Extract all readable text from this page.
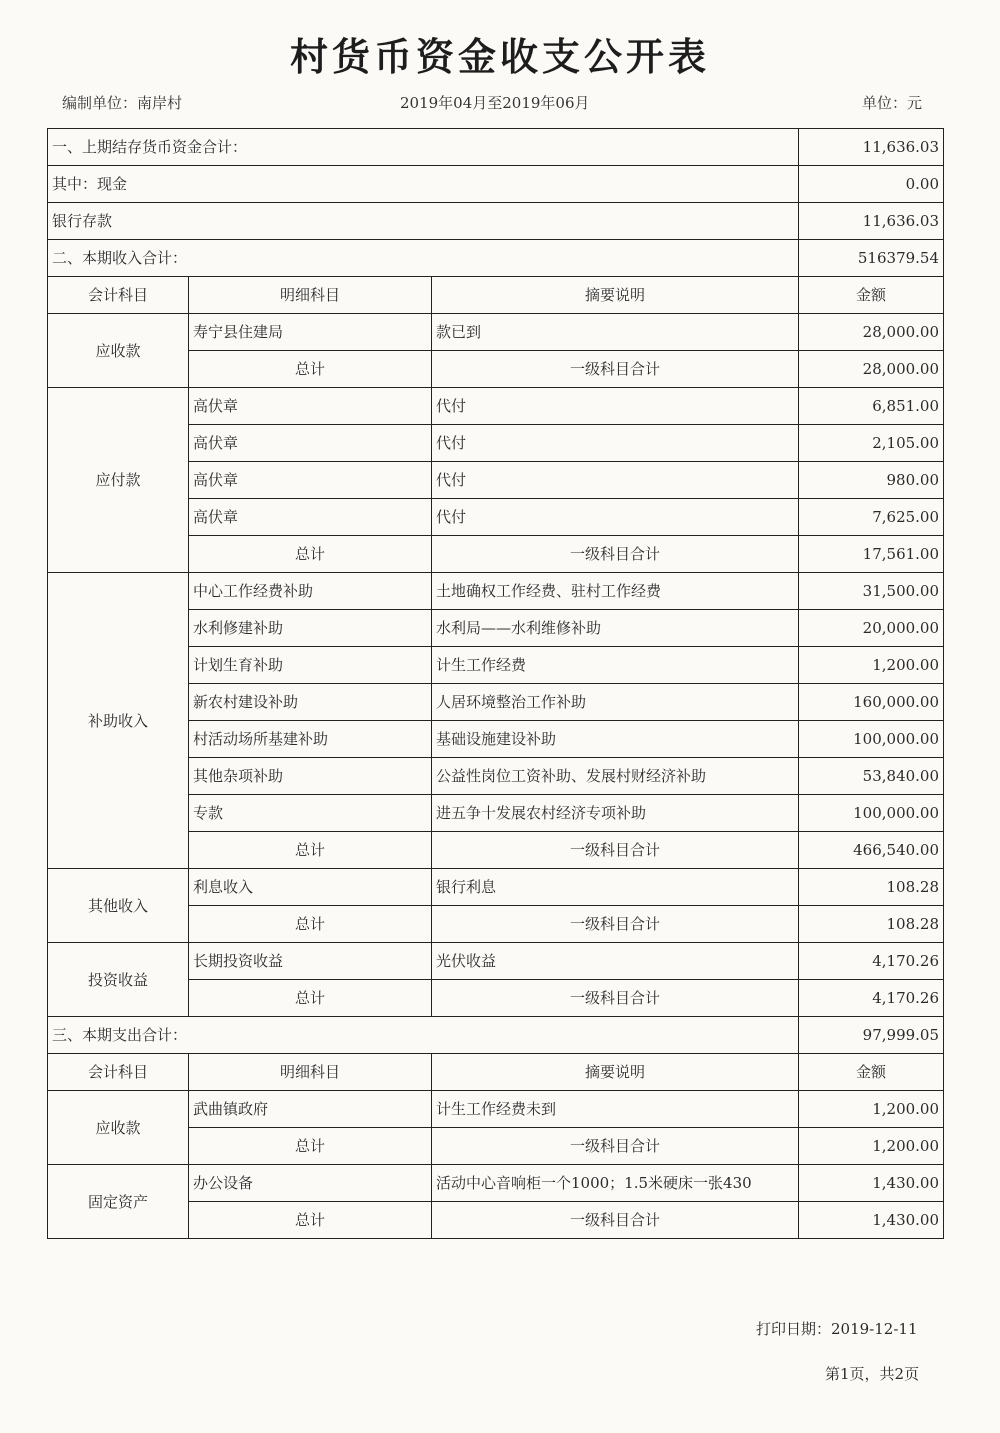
村货币资金收支公开表
编制单位：南岸村	2019年04月至2019年06月	单位：元
一、上期结存货币资金合计：			11,636.03
其中：现金			0.00
银行存款			11,636.03
二、本期收入合计：			516379.54
会计科目	明细科目	摘要说明	金额
应收款	寿宁县住建局	款已到	28,000.00
	总计	一级科目合计	28,000.00
应付款	高伏章	代付	6,851.00
	高伏章	代付	2,105.00
	高伏章	代付	980.00
	高伏章	代付	7,625.00
	总计	一级科目合计	17,561.00
补助收入	中心工作经费补助	土地确权工作经费、驻村工作经费	31,500.00
	水利修建补助	水利局——水利维修补助	20,000.00
	计划生育补助	计生工作经费	1,200.00
	新农村建设补助	人居环境整治工作补助	160,000.00
	村活动场所基建补助	基础设施建设补助	100,000.00
	其他杂项补助	公益性岗位工资补助、发展村财经济补助	53,840.00
	专款	进五争十发展农村经济专项补助	100,000.00
	总计	一级科目合计	466,540.00
其他收入	利息收入	银行利息	108.28
	总计	一级科目合计	108.28
投资收益	长期投资收益	光伏收益	4,170.26
	总计	一级科目合计	4,170.26
三、本期支出合计：			97,999.05
会计科目	明细科目	摘要说明	金额
应收款	武曲镇政府	计生工作经费未到	1,200.00
	总计	一级科目合计	1,200.00
固定资产	办公设备	活动中心音响柜一个1000；1.5米硬床一张430	1,430.00
	总计	一级科目合计	1,430.00
打印日期：2019-12-11
第1页，共2页
